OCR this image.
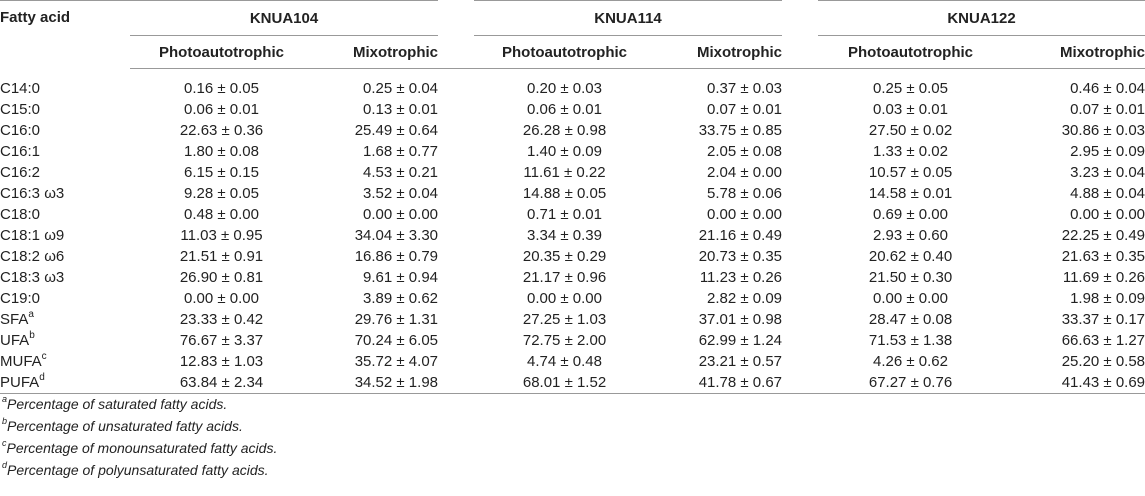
Fatty acid	KNUA104			KNUA114			KNUA122	
	Photoautotrophic	Mixotrophic		Photoautotrophic	Mixotrophic		Photoautotrophic	Mixotrophic

C14:0	0.16 ± 0.05	0.25 ± 0.04		0.20 ± 0.03	0.37 ± 0.03		0.25 ± 0.05	0.46 ± 0.04
C15:0	0.06 ± 0.01	0.13 ± 0.01		0.06 ± 0.01	0.07 ± 0.01		0.03 ± 0.01	0.07 ± 0.01
C16:0	22.63 ± 0.36	25.49 ± 0.64		26.28 ± 0.98	33.75 ± 0.85		27.50 ± 0.02	30.86 ± 0.03
C16:1	1.80 ± 0.08	1.68 ± 0.77		1.40 ± 0.09	2.05 ± 0.08		1.33 ± 0.02	2.95 ± 0.09
C16:2	6.15 ± 0.15	4.53 ± 0.21		11.61 ± 0.22	2.04 ± 0.00		10.57 ± 0.05	3.23 ± 0.04
C16:3 ω3	9.28 ± 0.05	3.52 ± 0.04		14.88 ± 0.05	5.78 ± 0.06		14.58 ± 0.01	4.88 ± 0.04
C18:0	0.48 ± 0.00	0.00 ± 0.00		0.71 ± 0.01	0.00 ± 0.00		0.69 ± 0.00	0.00 ± 0.00
C18:1 ω9	11.03 ± 0.95	34.04 ± 3.30		3.34 ± 0.39	21.16 ± 0.49		2.93 ± 0.60	22.25 ± 0.49
C18:2 ω6	21.51 ± 0.91	16.86 ± 0.79		20.35 ± 0.29	20.73 ± 0.35		20.62 ± 0.40	21.63 ± 0.35
C18:3 ω3	26.90 ± 0.81	9.61 ± 0.94		21.17 ± 0.96	11.23 ± 0.26		21.50 ± 0.30	11.69 ± 0.26
C19:0	0.00 ± 0.00	3.89 ± 0.62		0.00 ± 0.00	2.82 ± 0.09		0.00 ± 0.00	1.98 ± 0.09
SFA$^a$	23.33 ± 0.42	29.76 ± 1.31		27.25 ± 1.03	37.01 ± 0.98		28.47 ± 0.08	33.37 ± 0.17
UFA$^b$	76.67 ± 3.37	70.24 ± 6.05		72.75 ± 2.00	62.99 ± 1.24		71.53 ± 1.38	66.63 ± 1.27
MUFA$^c$	12.83 ± 1.03	35.72 ± 4.07		4.74 ± 0.48	23.21 ± 0.57		4.26 ± 0.62	25.20 ± 0.58
PUFA$^d$	63.84 ± 2.34	34.52 ± 1.98		68.01 ± 1.52	41.78 ± 0.67		67.27 ± 0.76	41.43 ± 0.69
$^a$Percentage of saturated fatty acids.
$^b$Percentage of unsaturated fatty acids.
$^c$Percentage of monounsaturated fatty acids.
$^d$Percentage of polyunsaturated fatty acids.
